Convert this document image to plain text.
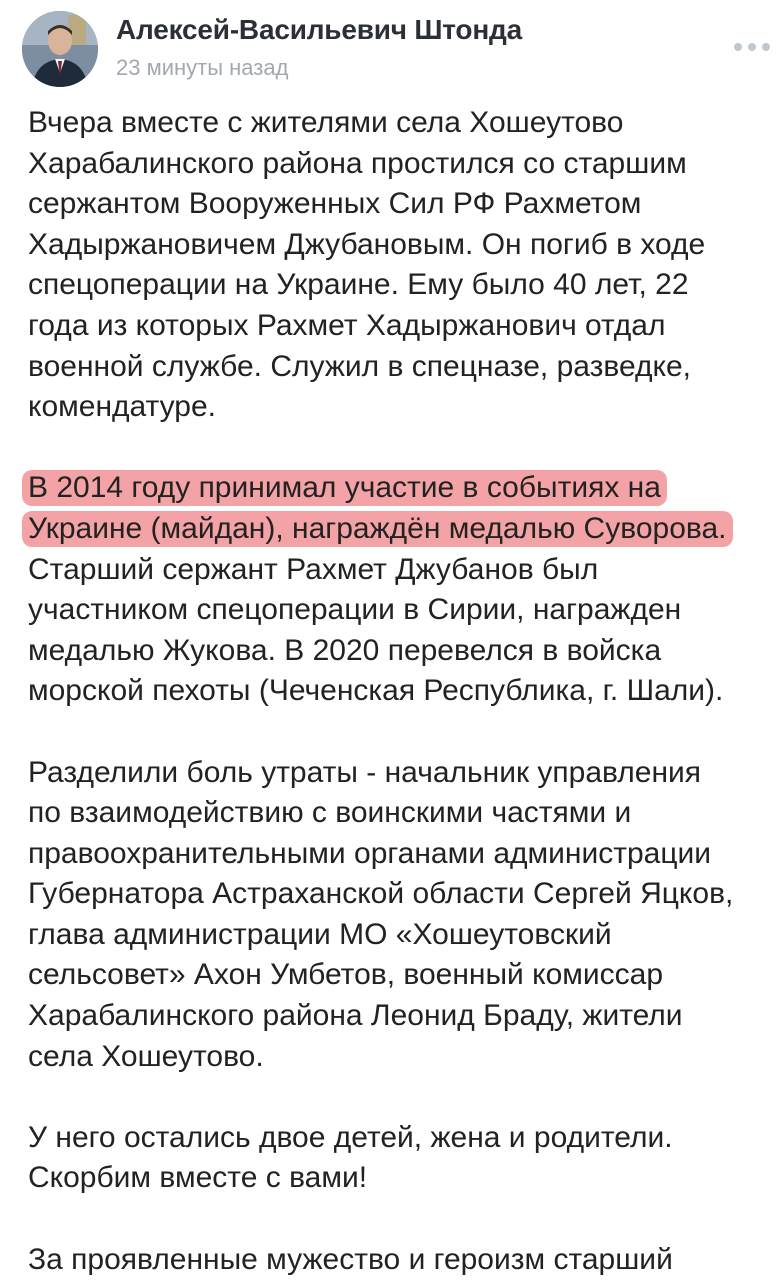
Алексей-Васильевич Штонда
23 минуты назад
Вчера вместе с жителями села Хошеутово
Харабалинского района простился со старшим
сержантом Вооруженных Сил РФ Рахметом
Хадыржановичем Джубановым. Он погиб в ходе
спецоперации на Украине. Ему было 40 лет, 22
года из которых Рахмет Хадыржанович отдал
военной службе. Служил в спецназе, разведке,
комендатуре.
В 2014 году принимал участие в событиях на
Украине (майдан), награждён медалью Суворова.
Старший сержант Рахмет Джубанов был
участником спецоперации в Сирии, награжден
медалью Жукова. В 2020 перевелся в войска
морской пехоты (Чеченская Республика, г. Шали).
Разделили боль утраты - начальник управления
по взаимодействию с воинскими частями и
правоохранительными органами администрации
Губернатора Астраханской области Сергей Яцков,
глава администрации МО «Хошеутовский
сельсовет» Ахон Умбетов, военный комиссар
Харабалинского района Леонид Браду, жители
села Хошеутово.
У него остались двое детей, жена и родители.
Скорбим вместе с вами!
За проявленные мужество и героизм старший
